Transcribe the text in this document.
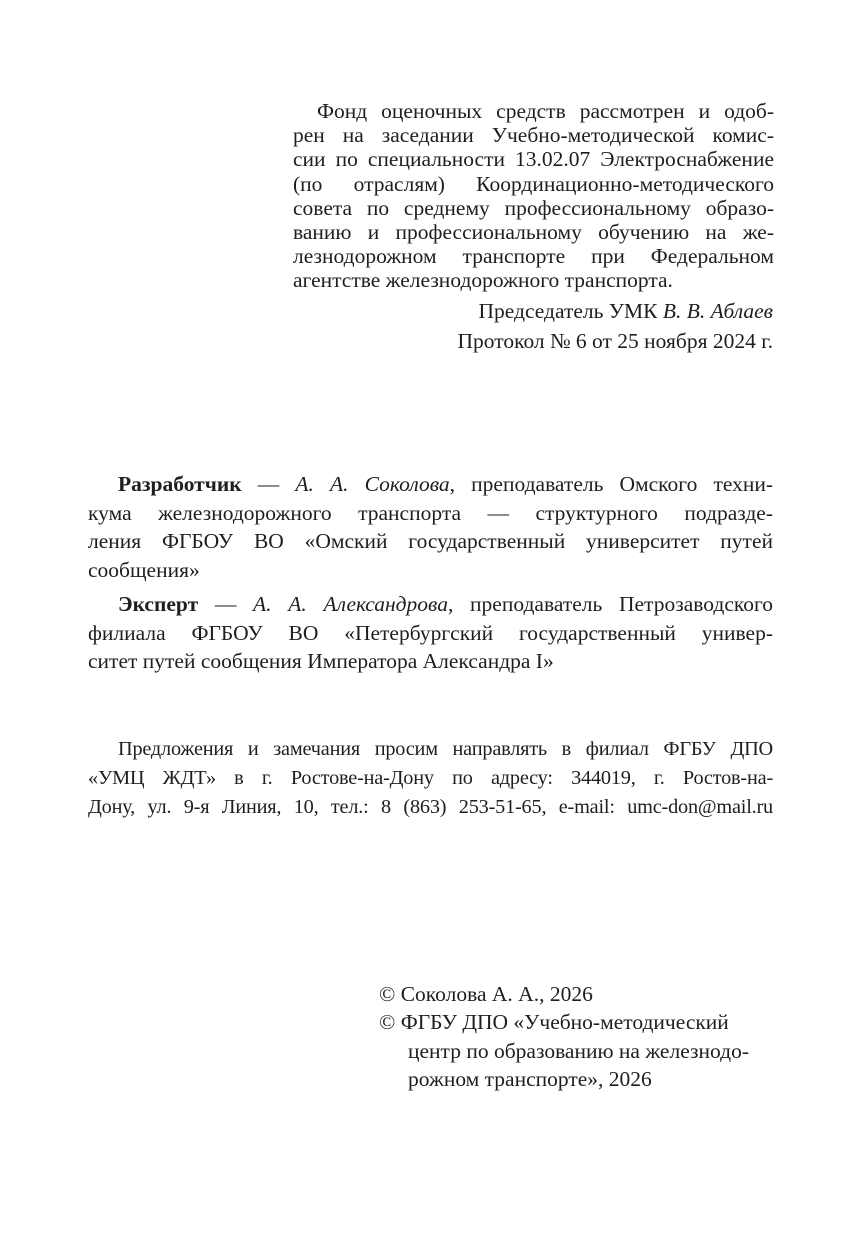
Фонд оценочных средств рассмотрен и одоб-
рен на заседании Учебно-методической комис-
сии по специальности 13.02.07 Электроснабжение
(по отраслям) Координационно-методического
совета по среднему профессиональному образо-
ванию и профессиональному обучению на же-
лезнодорожном транспорте при Федеральном
агентстве железнодорожного транспорта.
Председатель УМК В. В. Аблаев
Протокол № 6 от 25 ноября 2024 г.
Разработчик — А. А. Соколова, преподаватель Омского техни-
кума железнодорожного транспорта — структурного подразде-
ления ФГБОУ ВО «Омский государственный университет путей
сообщения»
Эксперт — А. А. Александрова, преподаватель Петрозаводского
филиала ФГБОУ ВО «Петербургский государственный универ-
ситет путей сообщения Императора Александра I»
Предложения и замечания просим направлять в филиал ФГБУ ДПО
«УМЦ ЖДТ» в г. Ростове-на-Дону по адресу: 344019, г. Ростов-на-
Дону, ул. 9-я Линия, 10, тел.: 8 (863) 253-51-65, e-mail: umc-don@mail.ru
© Соколова А. А., 2026
© ФГБУ ДПО «Учебно-методический
центр по образованию на железнодо-
рожном транспорте», 2026
